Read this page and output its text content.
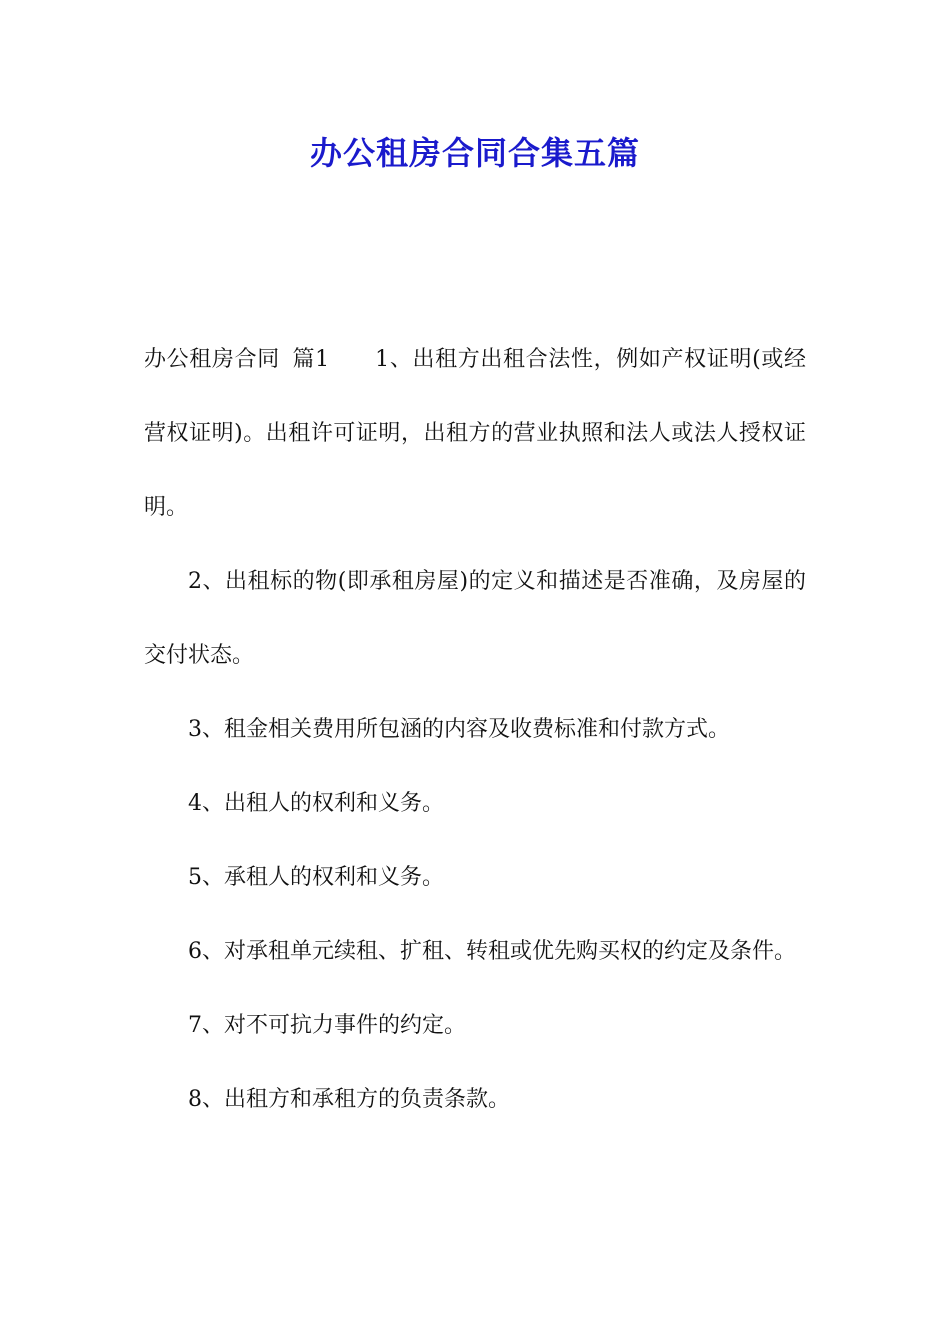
办公租房合同合集五篇

办公租房合同 篇1 1、出租方出租合法性，例如产权证明(或经营权证明)。出租许可证明，出租方的营业执照和法人或法人授权证明。

2、出租标的物(即承租房屋)的定义和描述是否准确，及房屋的交付状态。

3、租金相关费用所包涵的内容及收费标准和付款方式。

4、出租人的权利和义务。

5、承租人的权利和义务。

6、对承租单元续租、扩租、转租或优先购买权的约定及条件。

7、对不可抗力事件的约定。

8、出租方和承租方的负责条款。
